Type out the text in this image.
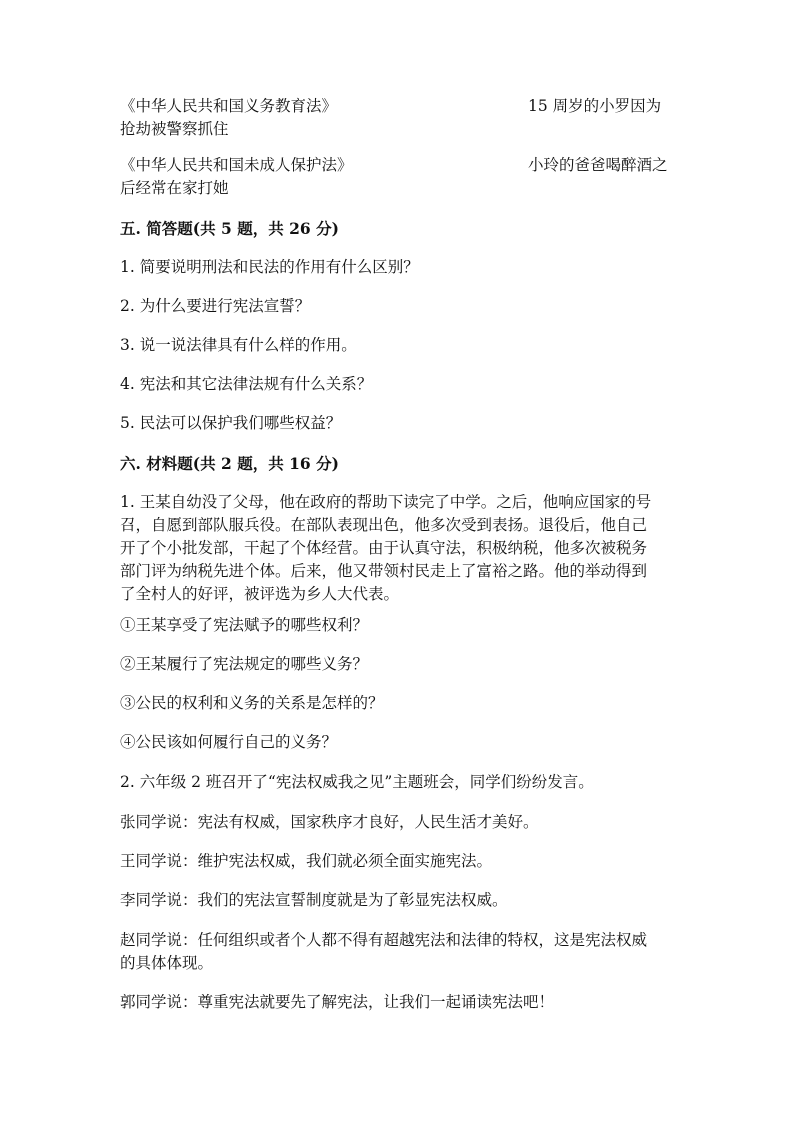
《中华人民共和国义务教育法》	15 周岁的小罗因为
抢劫被警察抓住
《中华人民共和国未成人保护法》	小玲的爸爸喝醉酒之
后经常在家打她

五. 简答题(共 5 题，共 26 分)

1. 简要说明刑法和民法的作用有什么区别？

2. 为什么要进行宪法宣誓？

3. 说一说法律具有什么样的作用。

4. 宪法和其它法律法规有什么关系？

5. 民法可以保护我们哪些权益？

六. 材料题(共 2 题，共 16 分)

1. 王某自幼没了父母，他在政府的帮助下读完了中学。之后，他响应国家的号
召，自愿到部队服兵役。在部队表现出色，他多次受到表扬。退役后，他自己
开了个小批发部，干起了个体经营。由于认真守法，积极纳税，他多次被税务
部门评为纳税先进个体。后来，他又带领村民走上了富裕之路。他的举动得到
了全村人的好评，被评选为乡人大代表。

①王某享受了宪法赋予的哪些权利？

②王某履行了宪法规定的哪些义务？

③公民的权利和义务的关系是怎样的？

④公民该如何履行自己的义务？

2. 六年级 2 班召开了“宪法权威我之见”主题班会，同学们纷纷发言。

张同学说：宪法有权威，国家秩序才良好，人民生活才美好。

王同学说：维护宪法权威，我们就必须全面实施宪法。

李同学说：我们的宪法宣誓制度就是为了彰显宪法权威。

赵同学说：任何组织或者个人都不得有超越宪法和法律的特权，这是宪法权威
的具体体现。

郭同学说：尊重宪法就要先了解宪法，让我们一起诵读宪法吧！
